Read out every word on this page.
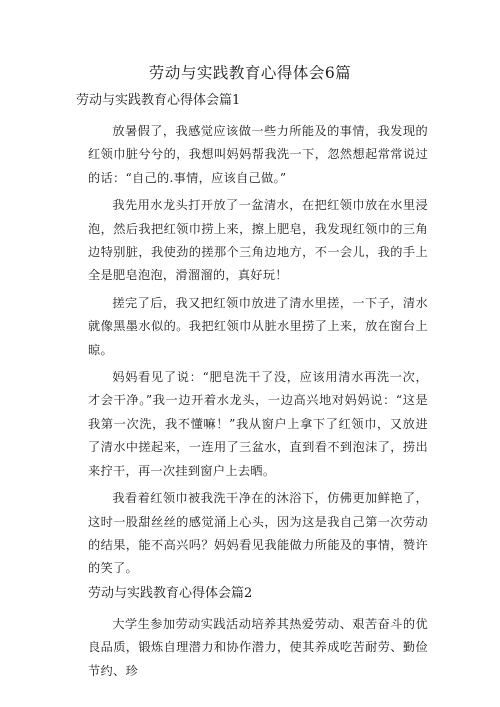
劳动与实践教育心得体会6篇
劳动与实践教育心得体会篇1

放暑假了，我感觉应该做一些力所能及的事情，我发现的红领巾脏兮兮的，我想叫妈妈帮我洗一下，忽然想起常常说过的话：“自己的.事情，应该自己做。”

我先用水龙头打开放了一盆清水，在把红领巾放在水里浸泡，然后我把红领巾捞上来，擦上肥皂，我发现红领巾的三角边特别脏，我使劲的搓那个三角边地方，不一会儿，我的手上全是肥皂泡泡，滑溜溜的，真好玩！

搓完了后，我又把红领巾放进了清水里搓，一下子，清水就像黑墨水似的。我把红领巾从脏水里捞了上来，放在窗台上晾。

妈妈看见了说：“肥皂洗干了没，应该用清水再洗一次，才会干净。”我一边开着水龙头，一边高兴地对妈妈说：“这是我第一次洗，我不懂嘛！”我从窗户上拿下了红领巾，又放进了清水中搓起来，一连用了三盆水，直到看不到泡沫了，捞出来拧干，再一次挂到窗户上去晒。

我看着红领巾被我洗干净在的沐浴下，仿佛更加鲜艳了，这时一股甜丝丝的感觉涌上心头，因为这是我自己第一次劳动的结果，能不高兴吗？妈妈看见我能做力所能及的事情，赞许的笑了。

劳动与实践教育心得体会篇2

大学生参加劳动实践活动培养其热爱劳动、艰苦奋斗的优良品质，锻炼自理潜力和协作潜力，使其养成吃苦耐劳、勤俭节约、珍
